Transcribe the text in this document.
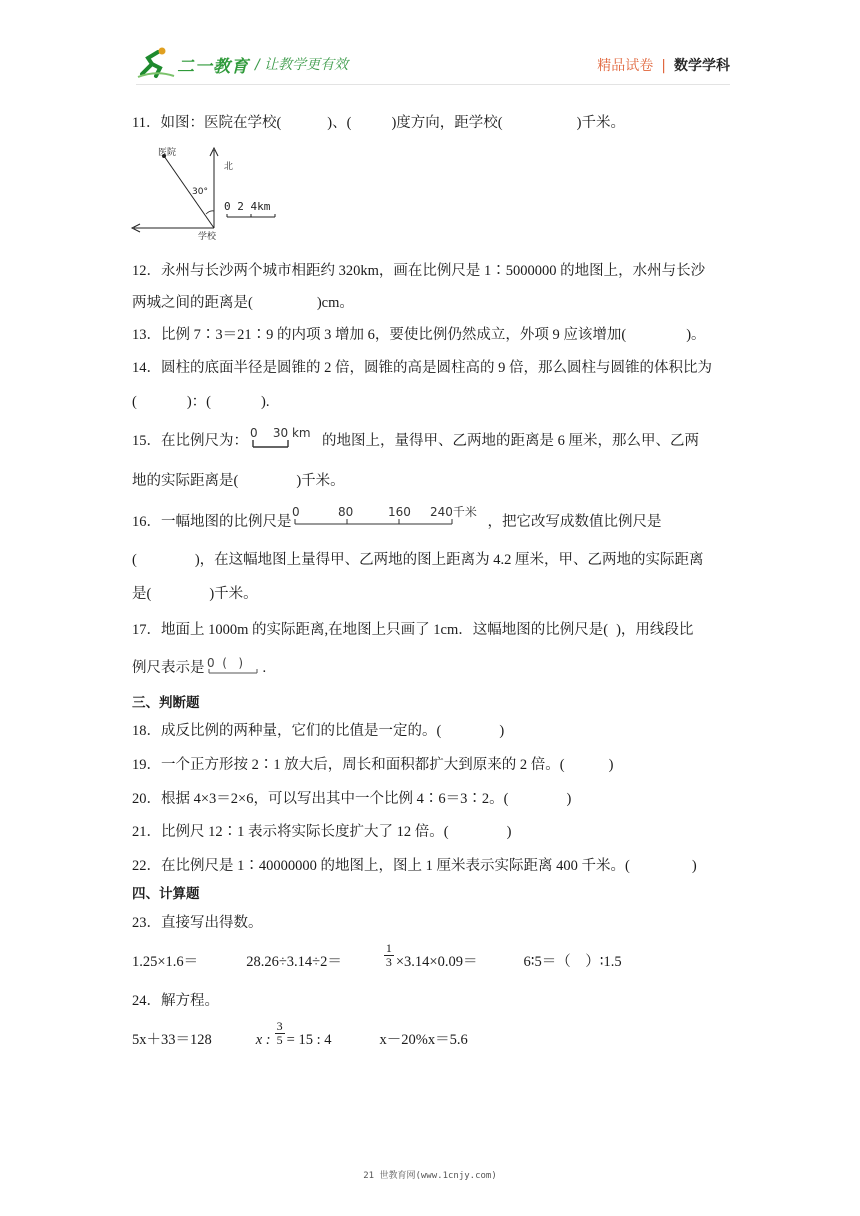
二一教育 / 让教学更有效	精品试卷 | 数学学科
11．如图：医院在学校(	)、(	)度方向，距学校(	)千米。
医院
北
30°
学校
0 2 4km
12．永州与长沙两个城市相距约 320km，画在比例尺是 1∶5000000 的地图上，水州与长沙
两城之间的距离是(	)cm。
13．比例 7∶3＝21∶9 的内项 3 增加 6，要使比例仍然成立，外项 9 应该增加(	)。
14．圆柱的底面半径是圆锥的 2 倍，圆锥的高是圆柱高的 9 倍，那么圆柱与圆锥的体积比为
(	)：(	).
15．在比例尺为：
0    30 km
的地图上，量得甲、乙两地的距离是 6 厘米，那么甲、乙两
地的实际距离是(	)千米。
16．一幅地图的比例尺是
0	80	160 240千米
，把它改写成数值比例尺是
(	)，在这幅地图上量得甲、乙两地的图上距离为 4.2 厘米，甲、乙两地的实际距离
是(	)千米。
17．地面上 1000m 的实际距离,在地图上只画了 1cm．这幅地图的比例尺是( )，用线段比
例尺表示是 0  (   ) .
三、判断题
18．成反比例的两种量，它们的比值是一定的。(	)
19．一个正方形按 2∶1 放大后，周长和面积都扩大到原来的 2 倍。(	)
20．根据 4×3＝2×6，可以写出其中一个比例 4∶6＝3∶2。(	)
21．比例尺 12∶1 表示将实际长度扩大了 12 倍。(	)
22．在比例尺是 1∶40000000 的地图上，图上 1 厘米表示实际距离 400 千米。(	)
四、计算题
23．直接写出得数。
1.25×1.6＝	28.26÷3.14÷2＝	$\frac{1}{3} \times 3.14\times 0.09=$	6∶5＝（　）∶1.5
24．解方程。
5x＋33＝128	x : $\frac{3}{5} = 15$ : 4	x－20%x＝5.6
21 世教育网(www.1cnjy.com)
